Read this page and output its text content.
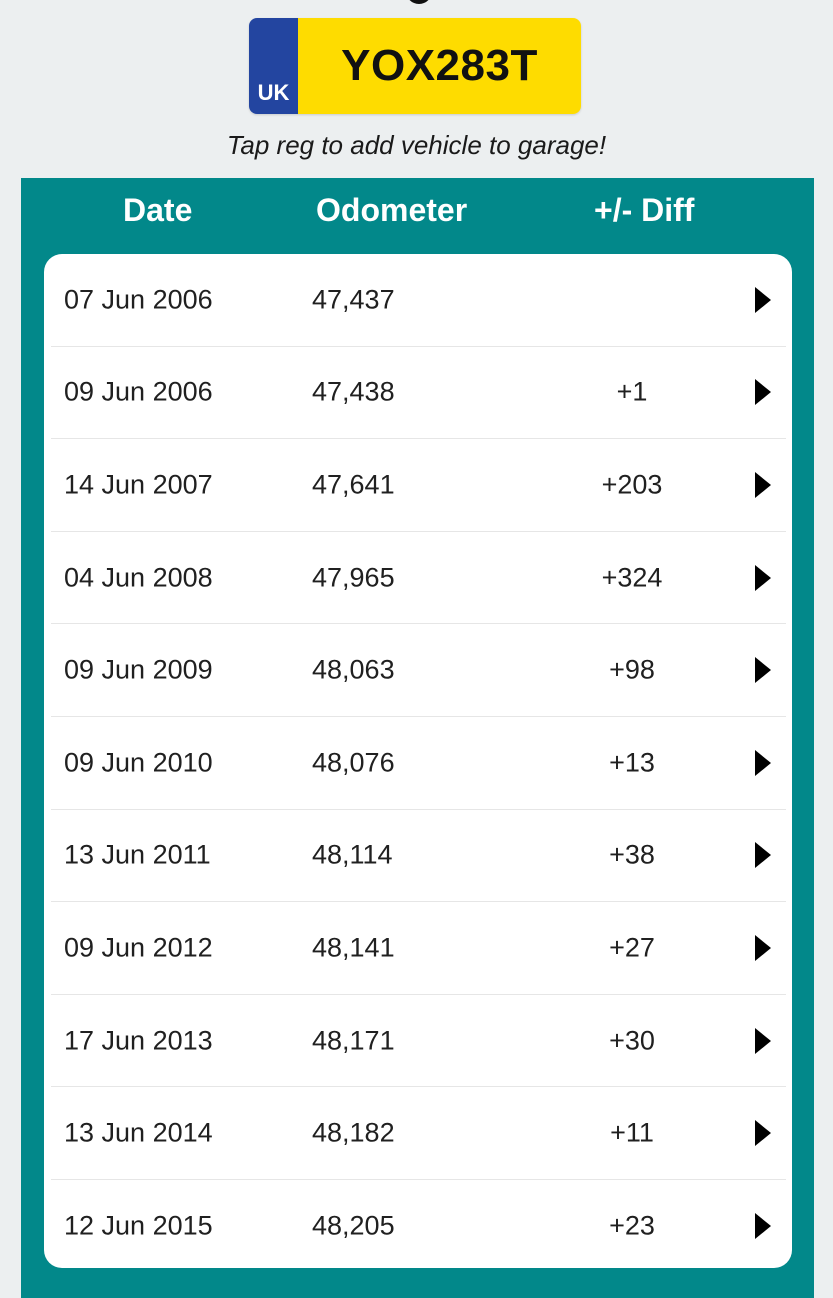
UK
YOX283T
Tap reg to add vehicle to garage!
Date	Odometer	+/- Diff
07 Jun 2006	47,437
09 Jun 2006	47,438	+1
14 Jun 2007	47,641	+203
04 Jun 2008	47,965	+324
09 Jun 2009	48,063	+98
09 Jun 2010	48,076	+13
13 Jun 2011	48,114	+38
09 Jun 2012	48,141	+27
17 Jun 2013	48,171	+30
13 Jun 2014	48,182	+11
12 Jun 2015	48,205	+23
